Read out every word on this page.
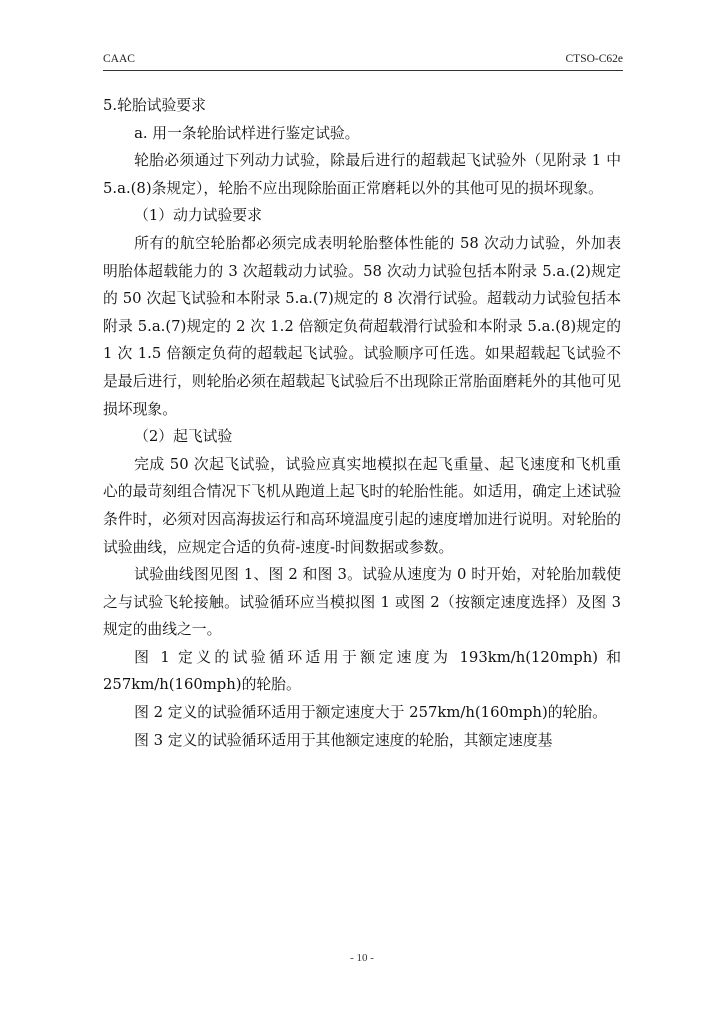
CAAC	CTSO-C62e

5.轮胎试验要求

a. 用一条轮胎试样进行鉴定试验。

轮胎必须通过下列动力试验，除最后进行的超载起飞试验外（见附录 1 中 5.a.(8)条规定），轮胎不应出现除胎面正常磨耗以外的其他可见的损坏现象。

（1）动力试验要求

所有的航空轮胎都必须完成表明轮胎整体性能的 58 次动力试验，外加表明胎体超载能力的 3 次超载动力试验。58 次动力试验包括本附录 5.a.(2)规定的 50 次起飞试验和本附录 5.a.(7)规定的 8 次滑行试验。超载动力试验包括本附录 5.a.(7)规定的 2 次 1.2 倍额定负荷超载滑行试验和本附录 5.a.(8)规定的 1 次 1.5 倍额定负荷的超载起飞试验。试验顺序可任选。如果超载起飞试验不是最后进行，则轮胎必须在超载起飞试验后不出现除正常胎面磨耗外的其他可见损坏现象。

（2）起飞试验

完成 50 次起飞试验，试验应真实地模拟在起飞重量、起飞速度和飞机重心的最苛刻组合情况下飞机从跑道上起飞时的轮胎性能。如适用，确定上述试验条件时，必须对因高海拔运行和高环境温度引起的速度增加进行说明。对轮胎的试验曲线，应规定合适的负荷-速度-时间数据或参数。

试验曲线图见图 1、图 2 和图 3。试验从速度为 0 时开始，对轮胎加载使之与试验飞轮接触。试验循环应当模拟图 1 或图 2（按额定速度选择）及图 3 规定的曲线之一。

图 1 定义的试验循环适用于额定速度为 193km/h(120mph) 和 257km/h(160mph)的轮胎。

图 2 定义的试验循环适用于额定速度大于 257km/h(160mph)的轮胎。

图 3 定义的试验循环适用于其他额定速度的轮胎，其额定速度基

- 10 -
